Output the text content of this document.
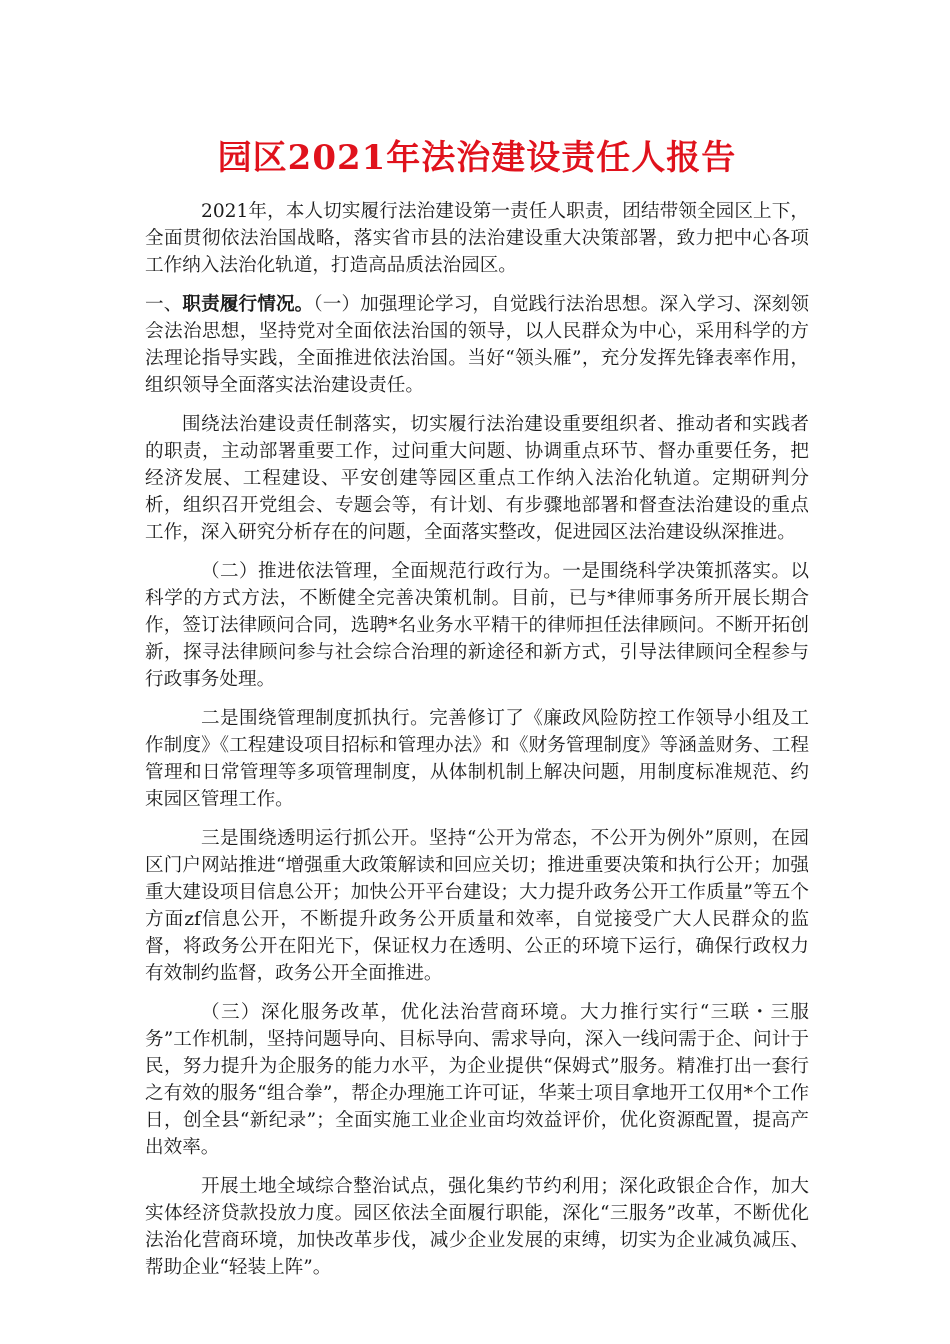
园区2021年法治建设责任人报告

2021年，本人切实履行法治建设第一责任人职责，团结带领全园区上下，全面贯彻依法治国战略，落实省市县的法治建设重大决策部署，致力把中心各项工作纳入法治化轨道，打造高品质法治园区。

一、职责履行情况。（一）加强理论学习，自觉践行法治思想。深入学习、深刻领会法治思想，坚持党对全面依法治国的领导，以人民群众为中心，采用科学的方法理论指导实践，全面推进依法治国。当好“领头雁”，充分发挥先锋表率作用，组织领导全面落实法治建设责任。

围绕法治建设责任制落实，切实履行法治建设重要组织者、推动者和实践者的职责，主动部署重要工作，过问重大问题、协调重点环节、督办重要任务，把经济发展、工程建设、平安创建等园区重点工作纳入法治化轨道。定期研判分析，组织召开党组会、专题会等，有计划、有步骤地部署和督查法治建设的重点工作，深入研究分析存在的问题，全面落实整改，促进园区法治建设纵深推进。

（二）推进依法管理，全面规范行政行为。一是围绕科学决策抓落实。以科学的方式方法，不断健全完善决策机制。目前，已与*律师事务所开展长期合作，签订法律顾问合同，选聘*名业务水平精干的律师担任法律顾问。不断开拓创新，探寻法律顾问参与社会综合治理的新途径和新方式，引导法律顾问全程参与行政事务处理。

二是围绕管理制度抓执行。完善修订了《廉政风险防控工作领导小组及工作制度》《工程建设项目招标和管理办法》和《财务管理制度》等涵盖财务、工程管理和日常管理等多项管理制度，从体制机制上解决问题，用制度标准规范、约束园区管理工作。

三是围绕透明运行抓公开。坚持“公开为常态，不公开为例外”原则，在园区门户网站推进“增强重大政策解读和回应关切；推进重要决策和执行公开；加强重大建设项目信息公开；加快公开平台建设；大力提升政务公开工作质量”等五个方面zf信息公开，不断提升政务公开质量和效率，自觉接受广大人民群众的监督，将政务公开在阳光下，保证权力在透明、公正的环境下运行，确保行政权力有效制约监督，政务公开全面推进。

（三）深化服务改革，优化法治营商环境。大力推行实行“三联・三服务”工作机制，坚持问题导向、目标导向、需求导向，深入一线问需于企、问计于民，努力提升为企服务的能力水平，为企业提供“保姆式”服务。精准打出一套行之有效的服务“组合拳”，帮企办理施工许可证，华莱士项目拿地开工仅用*个工作日，创全县“新纪录”；全面实施工业企业亩均效益评价，优化资源配置，提高产出效率。

开展土地全域综合整治试点，强化集约节约利用；深化政银企合作，加大实体经济贷款投放力度。园区依法全面履行职能，深化“三服务”改革，不断优化法治化营商环境，加快改革步伐，减少企业发展的束缚，切实为企业减负减压、帮助企业“轻装上阵”。
